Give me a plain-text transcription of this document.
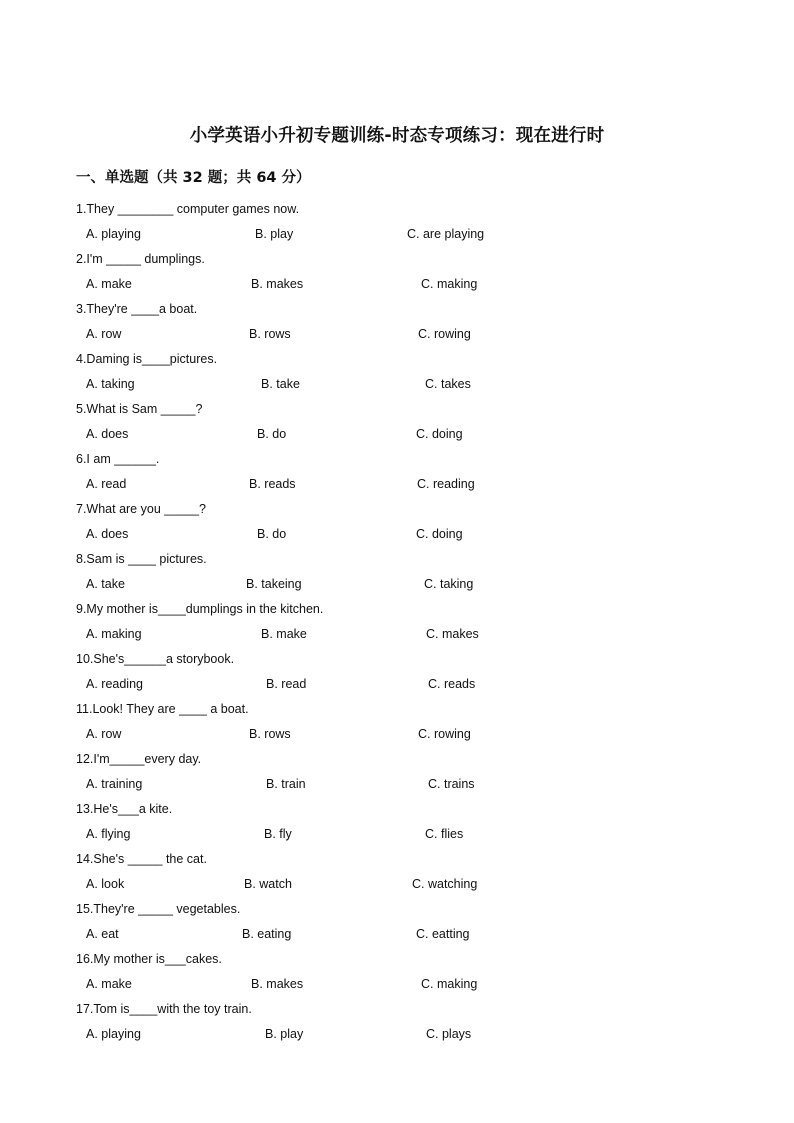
小学英语小升初专题训练-时态专项练习：现在进行时
一、单选题（共 32 题；共 64 分）
1.They ________ computer games now.
A. playing	B. play	C. are playing
2.I'm _____ dumplings.
A. make	B. makes	C. making
3.They're ____a boat.
A. row	B. rows	C. rowing
4.Daming is____pictures.
A. taking	B. take	C. takes
5.What is Sam _____?
A. does	B. do	C. doing
6.I am ______.
A. read	B. reads	C. reading
7.What are you _____?
A. does	B. do	C. doing
8.Sam is ____ pictures.
A. take	B. takeing	C. taking
9.My mother is____dumplings in the kitchen.
A. making	B. make	C. makes
10.She's______a storybook.
A. reading	B. read	C. reads
11.Look! They are ____ a boat.
A. row	B. rows	C. rowing
12.I'm_____every day.
A. training	B. train	C. trains
13.He's___a kite.
A. flying	B. fly	C. flies
14.She's _____ the cat.
A. look	B. watch	C. watching
15.They're _____ vegetables.
A. eat	B. eating	C. eatting
16.My mother is___cakes.
A. make	B. makes	C. making
17.Tom is____with the toy train.
A. playing	B. play	C. plays
